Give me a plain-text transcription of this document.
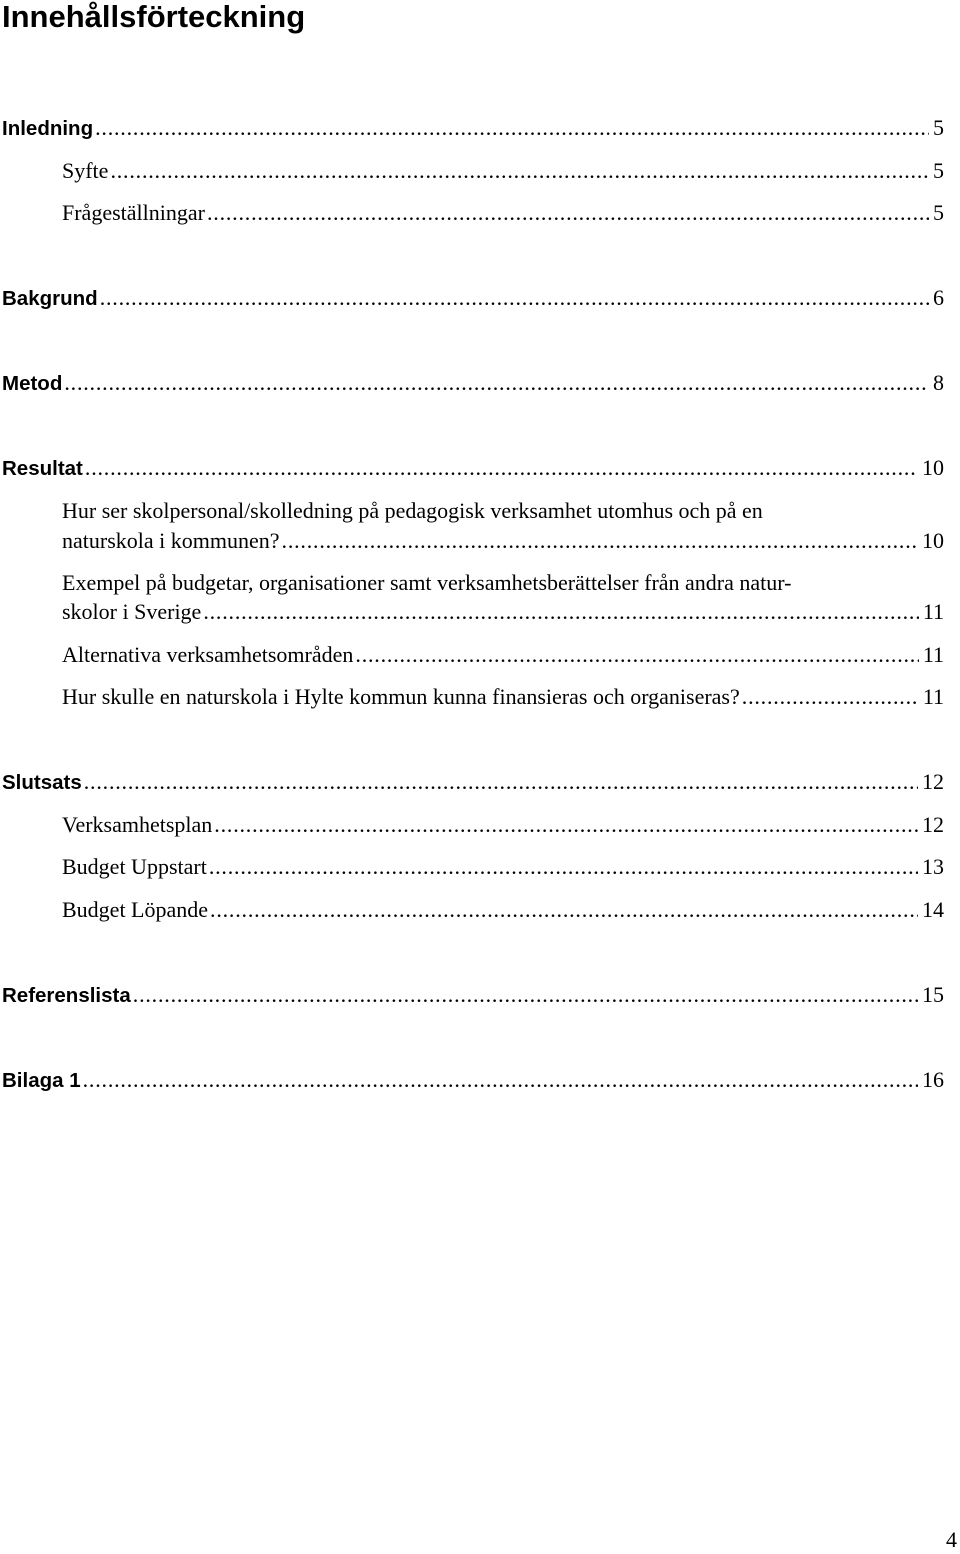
Innehållsförteckning
Inledning .....	5
Syfte .....	5
Frågeställningar .....	5
Bakgrund .....	6
Metod .....	8
Resultat .....	10
Hur ser skolpersonal/skolledning på pedagogisk verksamhet utomhus och på en
naturskola i kommunen? .....	10
Exempel på budgetar, organisationer samt verksamhetsberättelser från andra natur-
skolor i Sverige .....	11
Alternativa verksamhetsområden .....	11
Hur skulle en naturskola i Hylte kommun kunna finansieras och organiseras? .....	11
Slutsats .....	12
Verksamhetsplan .....	12
Budget Uppstart .....	13
Budget Löpande .....	14
Referenslista .....	15
Bilaga 1 .....	16
4
